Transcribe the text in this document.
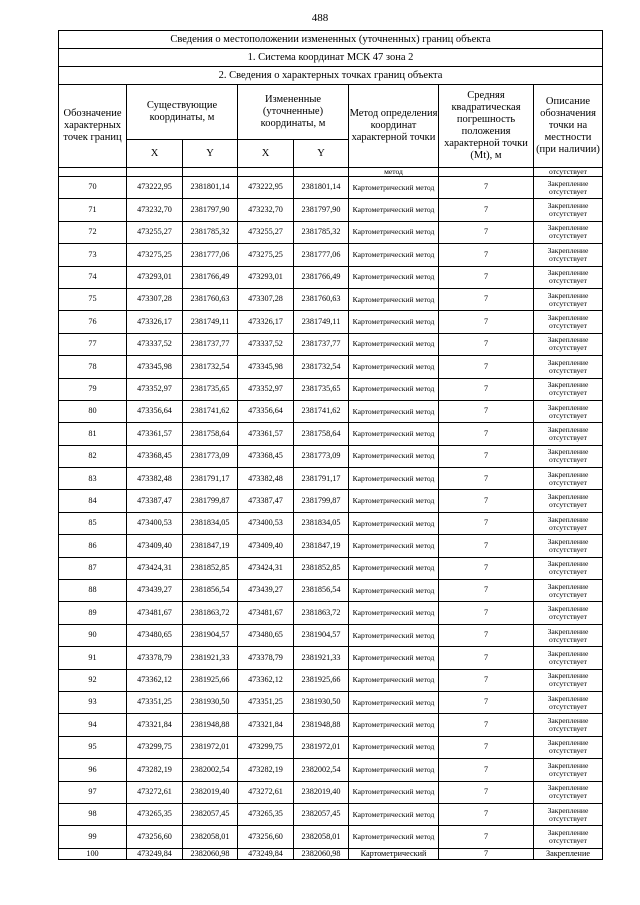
488
Сведения о местоположении измененных (уточненных) границ объекта							
1. Система координат МСК 47 зона 2							
2. Сведения о характерных точках границ объекта							
Обозначение характерных точек границ	Существующие координаты, м		Измененные (уточненные) координаты, м		Метод определения координат характерной точки	Средняя квадратическая погрешность положения характерной точки (Mt), м	Описание обозначения точки на местности (при наличии)
	X	Y	X	Y			

					метод		отсутствует

70	473222,95	2381801,14	473222,95	2381801,14	Картометрический метод	7	Закрепление отсутствует
71	473232,70	2381797,90	473232,70	2381797,90	Картометрический метод	7	Закрепление отсутствует
72	473255,27	2381785,32	473255,27	2381785,32	Картометрический метод	7	Закрепление отсутствует
73	473275,25	2381777,06	473275,25	2381777,06	Картометрический метод	7	Закрепление отсутствует
74	473293,01	2381766,49	473293,01	2381766,49	Картометрический метод	7	Закрепление отсутствует
75	473307,28	2381760,63	473307,28	2381760,63	Картометрический метод	7	Закрепление отсутствует
76	473326,17	2381749,11	473326,17	2381749,11	Картометрический метод	7	Закрепление отсутствует
77	473337,52	2381737,77	473337,52	2381737,77	Картометрический метод	7	Закрепление отсутствует
78	473345,98	2381732,54	473345,98	2381732,54	Картометрический метод	7	Закрепление отсутствует
79	473352,97	2381735,65	473352,97	2381735,65	Картометрический метод	7	Закрепление отсутствует
80	473356,64	2381741,62	473356,64	2381741,62	Картометрический метод	7	Закрепление отсутствует
81	473361,57	2381758,64	473361,57	2381758,64	Картометрический метод	7	Закрепление отсутствует
82	473368,45	2381773,09	473368,45	2381773,09	Картометрический метод	7	Закрепление отсутствует
83	473382,48	2381791,17	473382,48	2381791,17	Картометрический метод	7	Закрепление отсутствует
84	473387,47	2381799,87	473387,47	2381799,87	Картометрический метод	7	Закрепление отсутствует
85	473400,53	2381834,05	473400,53	2381834,05	Картометрический метод	7	Закрепление отсутствует
86	473409,40	2381847,19	473409,40	2381847,19	Картометрический метод	7	Закрепление отсутствует
87	473424,31	2381852,85	473424,31	2381852,85	Картометрический метод	7	Закрепление отсутствует
88	473439,27	2381856,54	473439,27	2381856,54	Картометрический метод	7	Закрепление отсутствует
89	473481,67	2381863,72	473481,67	2381863,72	Картометрический метод	7	Закрепление отсутствует
90	473480,65	2381904,57	473480,65	2381904,57	Картометрический метод	7	Закрепление отсутствует
91	473378,79	2381921,33	473378,79	2381921,33	Картометрический метод	7	Закрепление отсутствует
92	473362,12	2381925,66	473362,12	2381925,66	Картометрический метод	7	Закрепление отсутствует
93	473351,25	2381930,50	473351,25	2381930,50	Картометрический метод	7	Закрепление отсутствует
94	473321,84	2381948,88	473321,84	2381948,88	Картометрический метод	7	Закрепление отсутствует
95	473299,75	2381972,01	473299,75	2381972,01	Картометрический метод	7	Закрепление отсутствует
96	473282,19	2382002,54	473282,19	2382002,54	Картометрический метод	7	Закрепление отсутствует
97	473272,61	2382019,40	473272,61	2382019,40	Картометрический метод	7	Закрепление отсутствует
98	473265,35	2382057,45	473265,35	2382057,45	Картометрический метод	7	Закрепление отсутствует
99	473256,60	2382058,01	473256,60	2382058,01	Картометрический метод	7	Закрепление отсутствует
100	473249,84	2382060,98	473249,84	2382060,98	Картометрический	7	Закрепление
